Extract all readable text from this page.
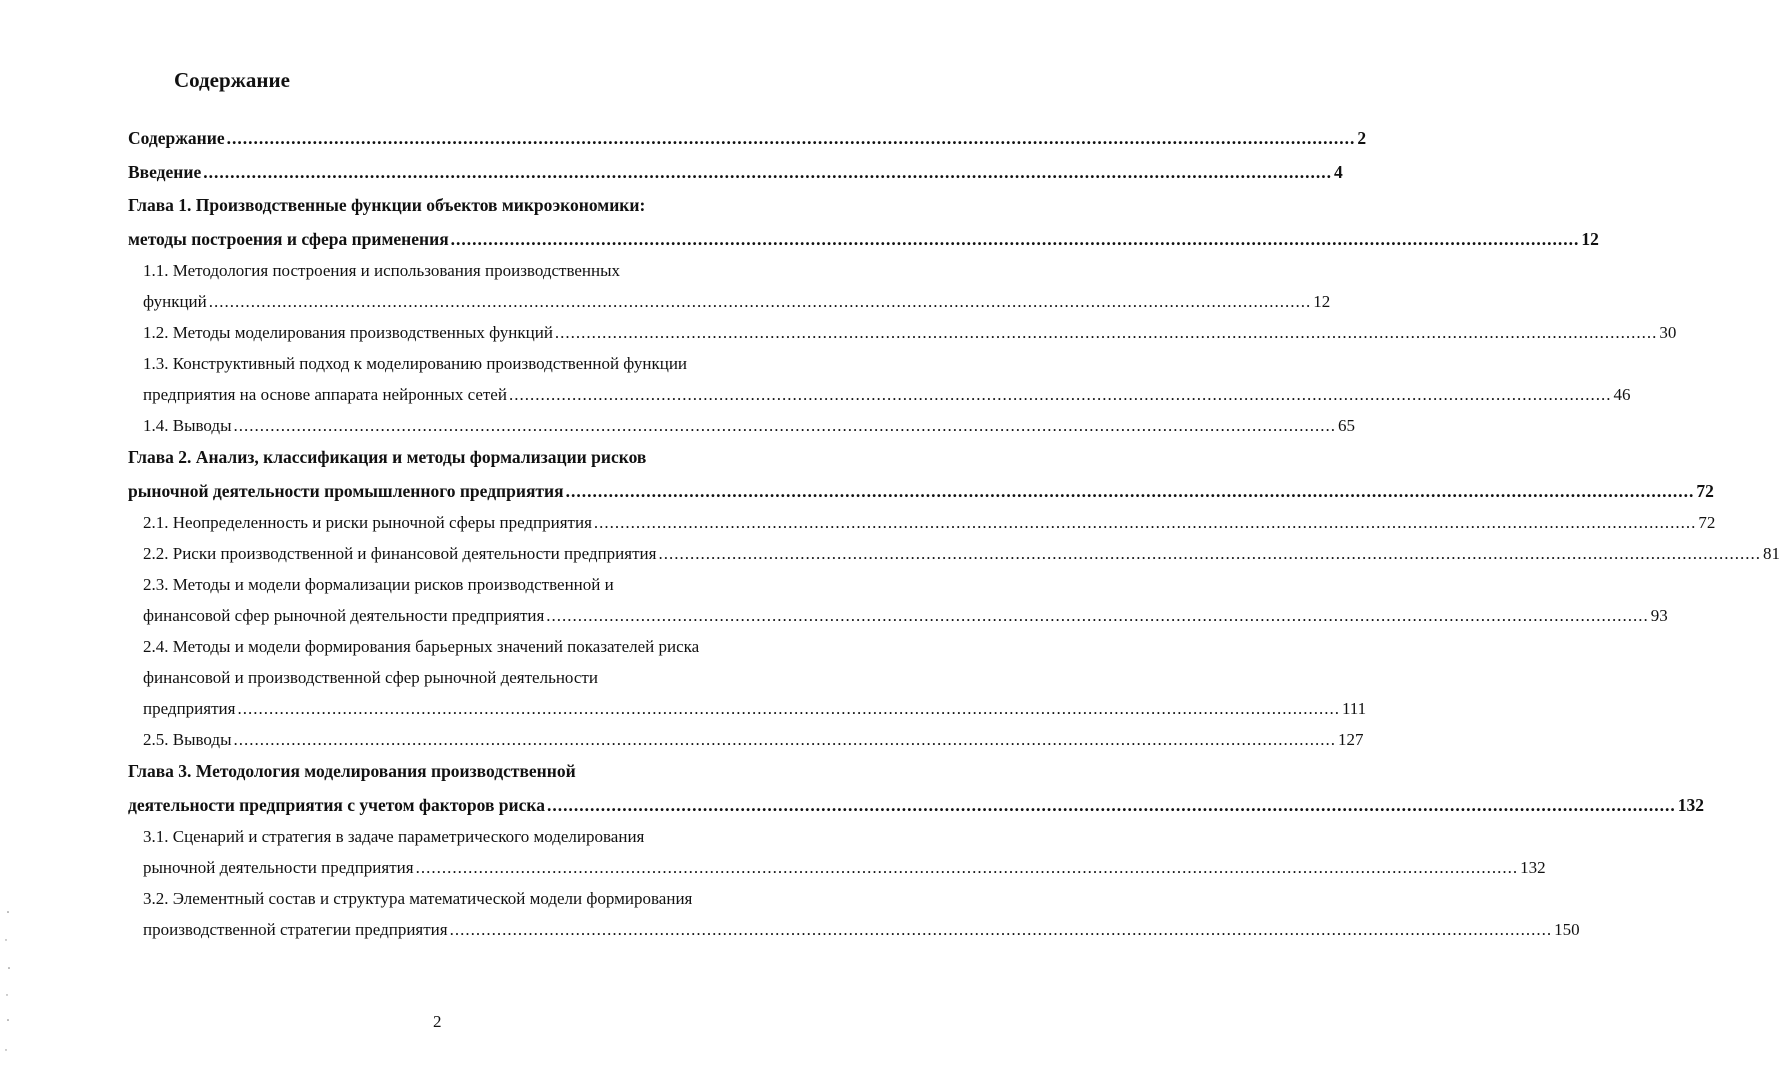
Содержание
Содержание .................................................................................................................................................................................................................. 2
Введение .................................................................................................................................................................................................................. 4
Глава 1. Производственные функции объектов микроэкономики:
методы построения и сфера применения .................................................................................................................................................................................................................. 12
1.1. Методология построения и использования производственных
функций .................................................................................................................................................................................................................. 12
1.2. Методы моделирования производственных функций .................................................................................................................................................................................................................. 30
1.3. Конструктивный подход к моделированию производственной функции
предприятия на основе аппарата нейронных сетей .................................................................................................................................................................................................................. 46
1.4. Выводы .................................................................................................................................................................................................................. 65
Глава 2. Анализ, классификация и методы формализации рисков
рыночной деятельности промышленного предприятия .................................................................................................................................................................................................................. 72
2.1. Неопределенность и риски рыночной сферы предприятия .................................................................................................................................................................................................................. 72
2.2. Риски производственной и финансовой деятельности предприятия .................................................................................................................................................................................................................. 81
2.3. Методы и модели формализации рисков производственной и
финансовой сфер рыночной деятельности предприятия .................................................................................................................................................................................................................. 93
2.4. Методы и модели формирования барьерных значений показателей риска
финансовой и производственной сфер рыночной деятельности
предприятия .................................................................................................................................................................................................................. 111
2.5. Выводы .................................................................................................................................................................................................................. 127
Глава 3. Методология моделирования производственной
деятельности предприятия с учетом факторов риска .................................................................................................................................................................................................................. 132
3.1. Сценарий и стратегия в задаче параметрического моделирования
рыночной деятельности предприятия .................................................................................................................................................................................................................. 132
3.2. Элементный состав и структура математической модели формирования
производственной стратегии предприятия .................................................................................................................................................................................................................. 150
2
